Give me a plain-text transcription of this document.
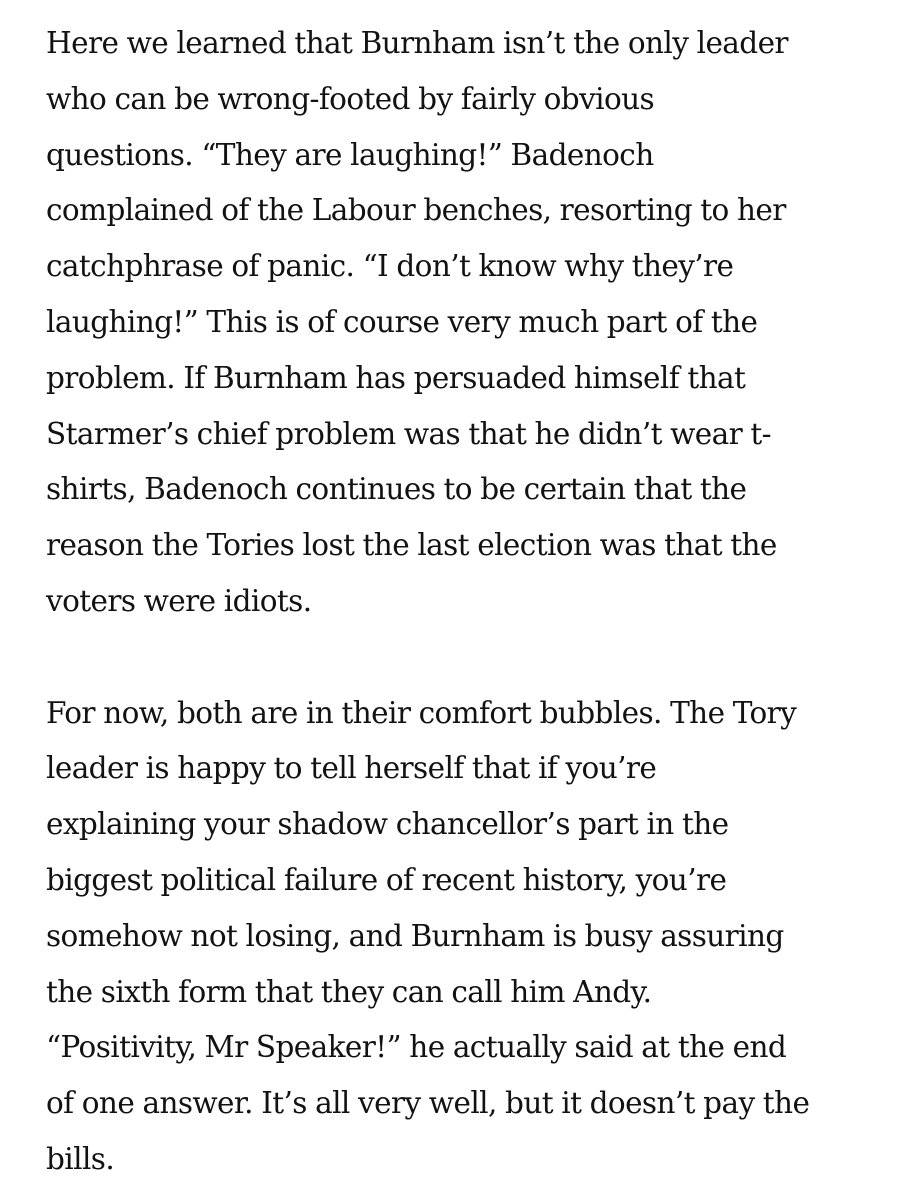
Here we learned that Burnham isn’t the only leader
who can be wrong-footed by fairly obvious
questions. “They are laughing!” Badenoch
complained of the Labour benches, resorting to her
catchphrase of panic. “I don’t know why they’re
laughing!” This is of course very much part of the
problem. If Burnham has persuaded himself that
Starmer’s chief problem was that he didn’t wear t-
shirts, Badenoch continues to be certain that the
reason the Tories lost the last election was that the
voters were idiots.

For now, both are in their comfort bubbles. The Tory
leader is happy to tell herself that if you’re
explaining your shadow chancellor’s part in the
biggest political failure of recent history, you’re
somehow not losing, and Burnham is busy assuring
the sixth form that they can call him Andy.
“Positivity, Mr Speaker!” he actually said at the end
of one answer. It’s all very well, but it doesn’t pay the
bills.
